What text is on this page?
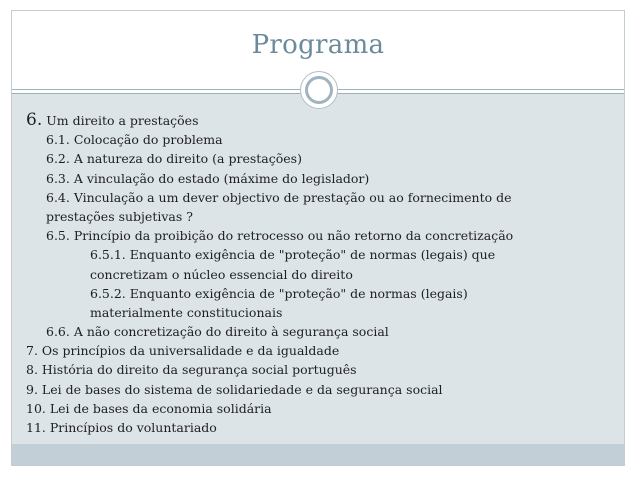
Programa
6. Um direito a prestações
6.1. Colocação do problema
6.2. A natureza do direito (a prestações)
6.3. A vinculação do estado (máxime do legislador)
6.4. Vinculação a um dever objectivo de prestação ou ao fornecimento de
prestações subjetivas ?
6.5. Princípio da proibição do retrocesso ou não retorno da concretização
6.5.1. Enquanto exigência de "proteção" de normas (legais) que
concretizam o núcleo essencial do direito
6.5.2. Enquanto exigência de "proteção" de normas (legais)
materialmente constitucionais
6.6. A não concretização do direito à segurança social
7. Os princípios da universalidade e da igualdade
8. História do direito da segurança social português
9. Lei de bases do sistema de solidariedade e da segurança social
10. Lei de bases da economia solidária
11. Princípios do voluntariado
